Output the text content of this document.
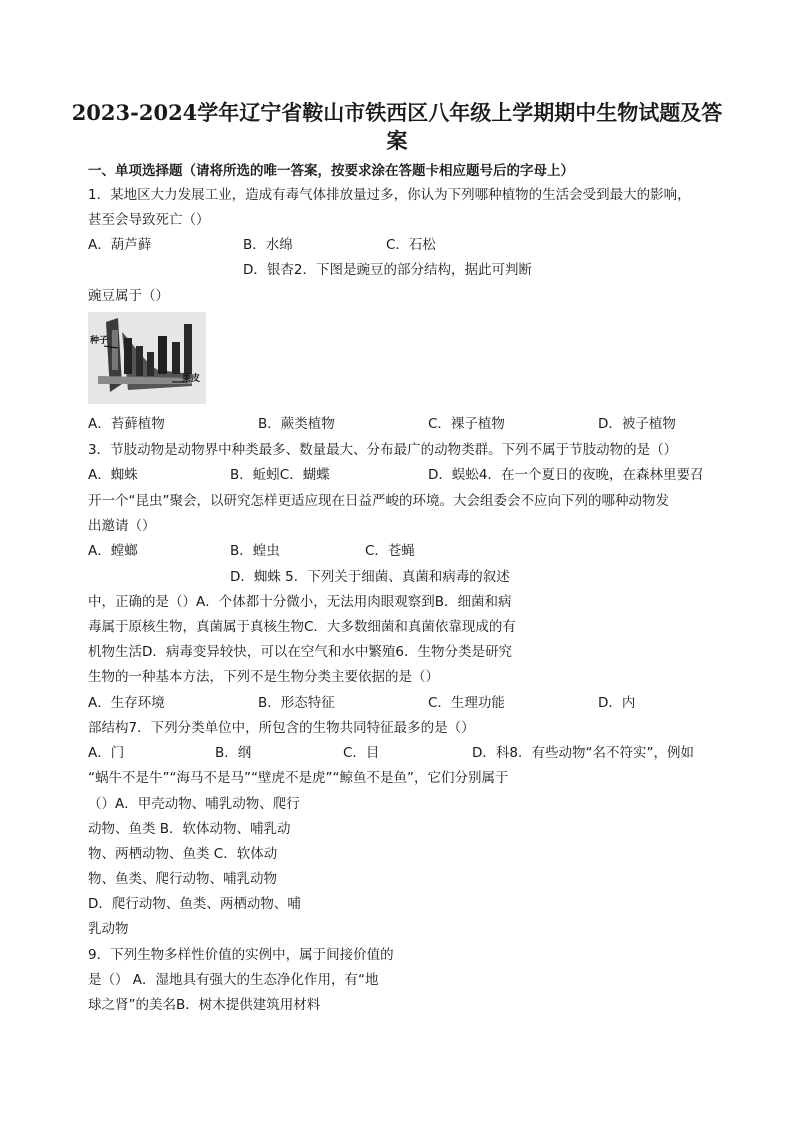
2023-2024学年辽宁省鞍山市铁西区八年级上学期期中生物试题及答
案
一、单项选择题（请将所选的唯一答案，按要求涂在答题卡相应题号后的字母上）
1．某地区大力发展工业，造成有毒气体排放量过多，你认为下列哪种植物的生活会受到最大的影响，
甚至会导致死亡（）
A．葫芦藓	B．水绵	C．石松
D．银杏2．下图是豌豆的部分结构，据此可判断
豌豆属于（）
种子
果皮
A．苔藓植物	B．蕨类植物	C．裸子植物	D．被子植物
3．节肢动物是动物界中种类最多、数量最大、分布最广的动物类群。下列不属于节肢动物的是（）
A．蜘蛛	B．蚯蚓C．蝴蝶	D．蜈蚣4．在一个夏日的夜晚，在森林里要召
开一个“昆虫”聚会，以研究怎样更适应现在日益严峻的环境。大会组委会不应向下列的哪种动物发
出邀请（）
A．螳螂	B．蝗虫	C．苍蝇
D．蜘蛛 5．下列关于细菌、真菌和病毒的叙述
中，正确的是（）A．个体都十分微小，无法用肉眼观察到B．细菌和病
毒属于原核生物，真菌属于真核生物C．大多数细菌和真菌依靠现成的有
机物生活D．病毒变异较快，可以在空气和水中繁殖6．生物分类是研究
生物的一种基本方法，下列不是生物分类主要依据的是（）
A．生存环境	B．形态特征	C．生理功能	D．内
部结构7．下列分类单位中，所包含的生物共同特征最多的是（）
A．门	B．纲	C．目	D．科8．有些动物“名不符实”，例如
“蜗牛不是牛”“海马不是马”“壁虎不是虎”“鲸鱼不是鱼”，它们分别属于
（）A．甲壳动物、哺乳动物、爬行
动物、鱼类 B．软体动物、哺乳动
物、两栖动物、鱼类 C．软体动
物、鱼类、爬行动物、哺乳动物
D．爬行动物、鱼类、两栖动物、哺
乳动物
9．下列生物多样性价值的实例中，属于间接价值的
是（） A．湿地具有强大的生态净化作用，有“地
球之肾”的美名B．树木提供建筑用材料
